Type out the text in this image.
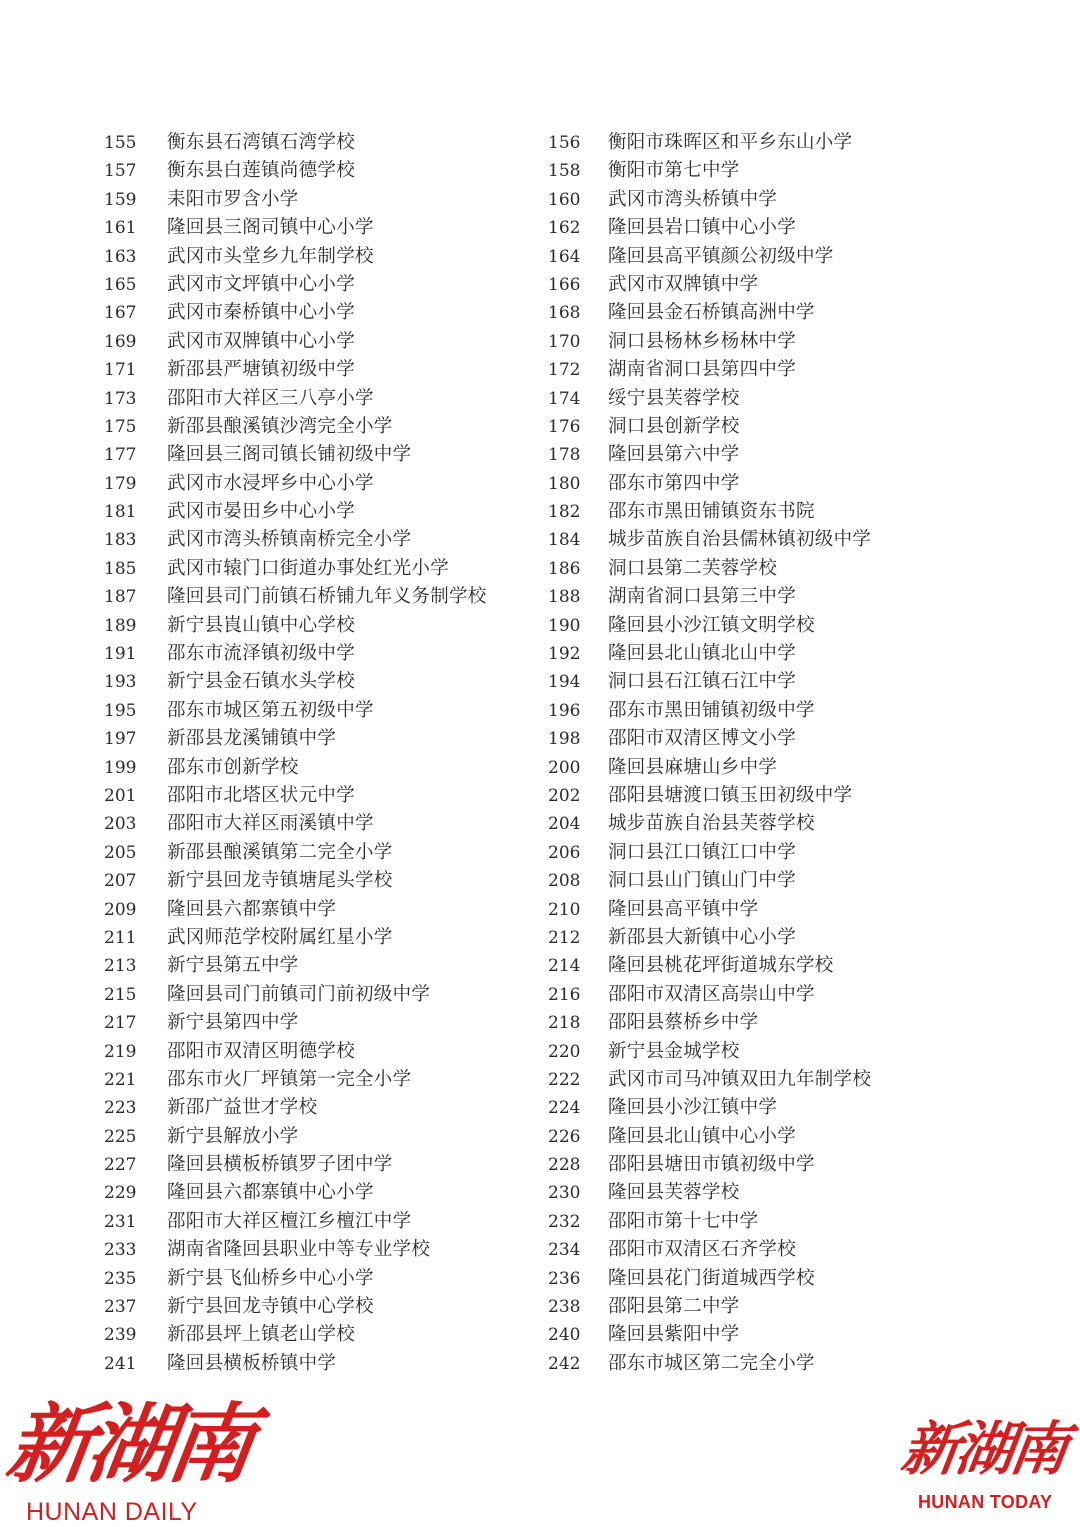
155	衡东县石湾镇石湾学校	156	衡阳市珠晖区和平乡东山小学
157	衡东县白莲镇尚德学校	158	衡阳市第七中学
159	耒阳市罗含小学	160	武冈市湾头桥镇中学
161	隆回县三阁司镇中心小学	162	隆回县岩口镇中心小学
163	武冈市头堂乡九年制学校	164	隆回县高平镇颜公初级中学
165	武冈市文坪镇中心小学	166	武冈市双牌镇中学
167	武冈市秦桥镇中心小学	168	隆回县金石桥镇高洲中学
169	武冈市双牌镇中心小学	170	洞口县杨林乡杨林中学
171	新邵县严塘镇初级中学	172	湖南省洞口县第四中学
173	邵阳市大祥区三八亭小学	174	绥宁县芙蓉学校
175	新邵县酿溪镇沙湾完全小学	176	洞口县创新学校
177	隆回县三阁司镇长铺初级中学	178	隆回县第六中学
179	武冈市水浸坪乡中心小学	180	邵东市第四中学
181	武冈市晏田乡中心小学	182	邵东市黑田铺镇资东书院
183	武冈市湾头桥镇南桥完全小学	184	城步苗族自治县儒林镇初级中学
185	武冈市辕门口街道办事处红光小学	186	洞口县第二芙蓉学校
187	隆回县司门前镇石桥铺九年义务制学校	188	湖南省洞口县第三中学
189	新宁县崀山镇中心学校	190	隆回县小沙江镇文明学校
191	邵东市流泽镇初级中学	192	隆回县北山镇北山中学
193	新宁县金石镇水头学校	194	洞口县石江镇石江中学
195	邵东市城区第五初级中学	196	邵东市黑田铺镇初级中学
197	新邵县龙溪铺镇中学	198	邵阳市双清区博文小学
199	邵东市创新学校	200	隆回县麻塘山乡中学
201	邵阳市北塔区状元中学	202	邵阳县塘渡口镇玉田初级中学
203	邵阳市大祥区雨溪镇中学	204	城步苗族自治县芙蓉学校
205	新邵县酿溪镇第二完全小学	206	洞口县江口镇江口中学
207	新宁县回龙寺镇塘尾头学校	208	洞口县山门镇山门中学
209	隆回县六都寨镇中学	210	隆回县高平镇中学
211	武冈师范学校附属红星小学	212	新邵县大新镇中心小学
213	新宁县第五中学	214	隆回县桃花坪街道城东学校
215	隆回县司门前镇司门前初级中学	216	邵阳市双清区高崇山中学
217	新宁县第四中学	218	邵阳县蔡桥乡中学
219	邵阳市双清区明德学校	220	新宁县金城学校
221	邵东市火厂坪镇第一完全小学	222	武冈市司马冲镇双田九年制学校
223	新邵广益世才学校	224	隆回县小沙江镇中学
225	新宁县解放小学	226	隆回县北山镇中心小学
227	隆回县横板桥镇罗子团中学	228	邵阳县塘田市镇初级中学
229	隆回县六都寨镇中心小学	230	隆回县芙蓉学校
231	邵阳市大祥区檀江乡檀江中学	232	邵阳市第十七中学
233	湖南省隆回县职业中等专业学校	234	邵阳市双清区石齐学校
235	新宁县飞仙桥乡中心小学	236	隆回县花门街道城西学校
237	新宁县回龙寺镇中心学校	238	邵阳县第二中学
239	新邵县坪上镇老山学校	240	隆回县紫阳中学
241	隆回县横板桥镇中学	242	邵东市城区第二完全小学
新湖南
HUNAN DAILY
新湖南
HUNAN TODAY
